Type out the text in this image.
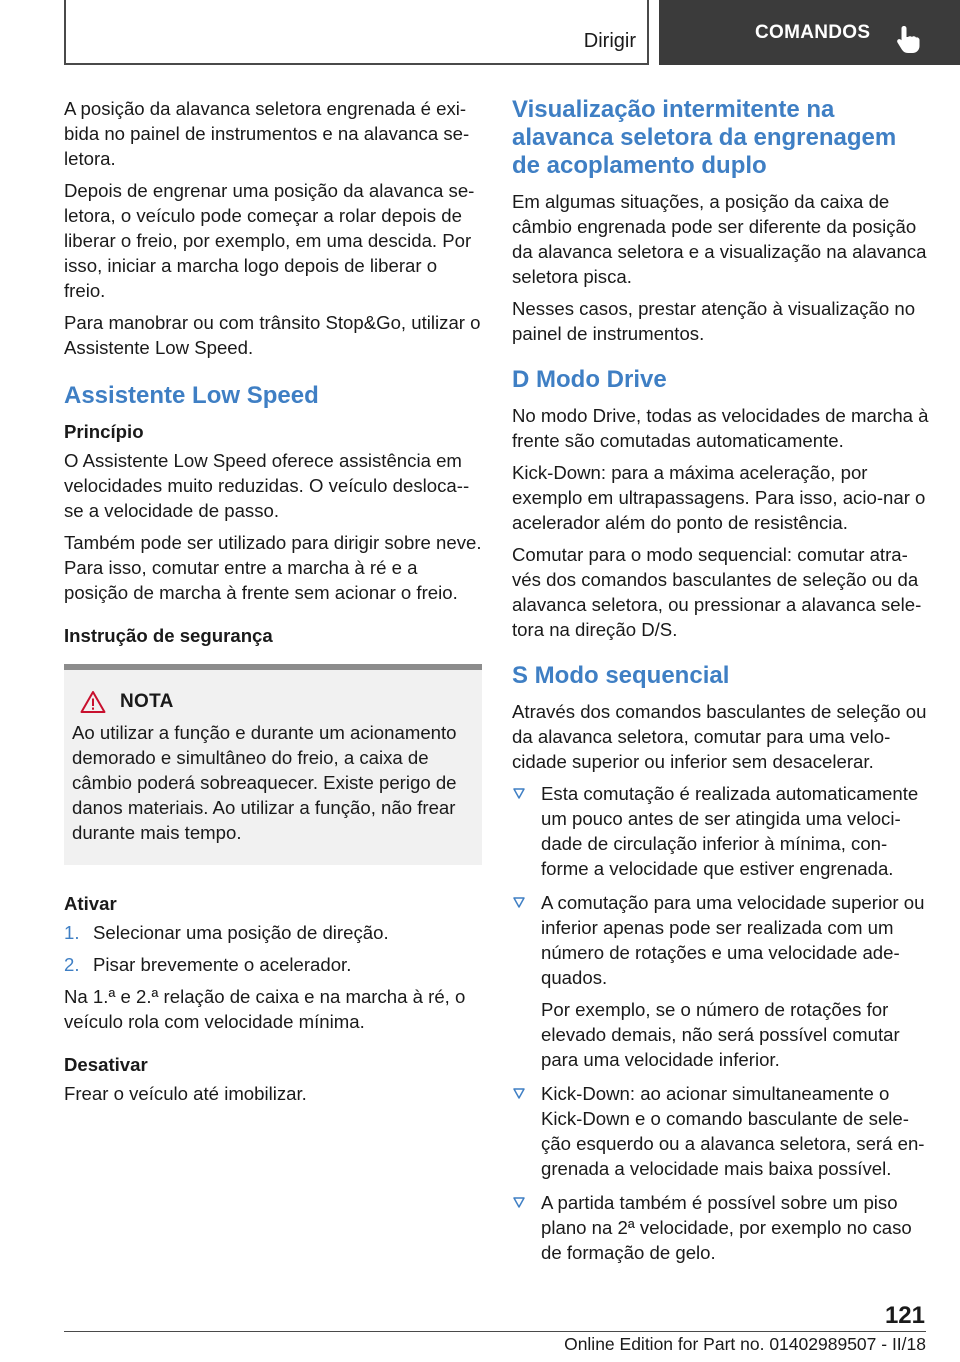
Dirigir	COMANDOS

A posição da alavanca seletora engrenada é exi-bida no painel de instrumentos e na alavanca se-letora.

Depois de engrenar uma posição da alavanca se-letora, o veículo pode começar a rolar depois de liberar o freio, por exemplo, em uma descida. Por isso, iniciar a marcha logo depois de liberar o freio.

Para manobrar ou com trânsito Stop&Go, utilizar o Assistente Low Speed.

Assistente Low Speed
Princípio

O Assistente Low Speed oferece assistência em velocidades muito reduzidas. O veículo desloca--se a velocidade de passo.

Também pode ser utilizado para dirigir sobre neve. Para isso, comutar entre a marcha à ré e a posição de marcha à frente sem acionar o freio.

Instrução de segurança
NOTA

Ao utilizar a função e durante um acionamento demorado e simultâneo do freio, a caixa de câmbio poderá sobreaquecer. Existe perigo de danos materiais. Ao utilizar a função, não frear durante mais tempo.

Ativar
1. Selecionar uma posição de direção.
2. Pisar brevemente o acelerador.

Na 1.ª e 2.ª relação de caixa e na marcha à ré, o veículo rola com velocidade mínima.

Desativar

Frear o veículo até imobilizar.

Visualização intermitente na alavanca seletora da engrenagem de acoplamento duplo

Em algumas situações, a posição da caixa de câmbio engrenada pode ser diferente da posição da alavanca seletora e a visualização na alavanca seletora pisca.

Nesses casos, prestar atenção à visualização no painel de instrumentos.

D Modo Drive

No modo Drive, todas as velocidades de marcha à frente são comutadas automaticamente.

Kick-Down: para a máxima aceleração, por exemplo em ultrapassagens. Para isso, acio-nar o acelerador além do ponto de resistência.

Comutar para o modo sequencial: comutar atra-vés dos comandos basculantes de seleção ou da alavanca seletora, ou pressionar a alavanca sele-tora na direção D/S.

S Modo sequencial

Através dos comandos basculantes de seleção ou da alavanca seletora, comutar para uma velo-cidade superior ou inferior sem desacelerar.

Esta comutação é realizada automaticamente um pouco antes de ser atingida uma veloci-dade de circulação inferior à mínima, con-forme a velocidade que estiver engrenada.
A comutação para uma velocidade superior ou inferior apenas pode ser realizada com um número de rotações e uma velocidade ade-quados.
Por exemplo, se o número de rotações for elevado demais, não será possível comutar para uma velocidade inferior.
Kick-Down: ao acionar simultaneamente o Kick-Down e o comando basculante de sele-ção esquerdo ou a alavanca seletora, será en-grenada a velocidade mais baixa possível.
A partida também é possível sobre um piso plano na 2ª velocidade, por exemplo no caso de formação de gelo.
121
Online Edition for Part no. 01402989507 - II/18
